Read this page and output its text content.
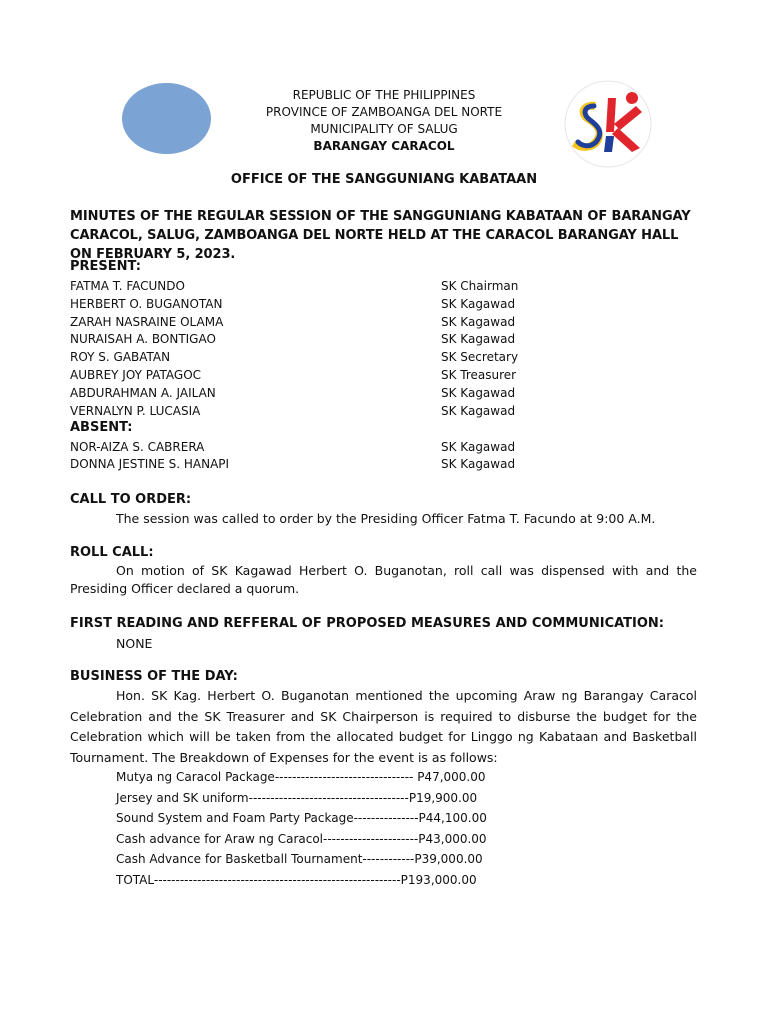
REPUBLIC OF THE PHILIPPINES
PROVINCE OF ZAMBOANGA DEL NORTE
MUNICIPALITY OF SALUG
BARANGAY CARACOL
OFFICE OF THE SANGGUNIANG KABATAAN
MINUTES OF THE REGULAR SESSION OF THE SANGGUNIANG KABATAAN OF BARANGAY CARACOL, SALUG, ZAMBOANGA DEL NORTE HELD AT THE CARACOL BARANGAY HALL ON FEBRUARY 5, 2023.
PRESENT:
FATMA T. FACUNDO	SK Chairman
HERBERT O. BUGANOTAN	SK Kagawad
ZARAH NASRAINE OLAMA	SK Kagawad
NURAISAH A. BONTIGAO	SK Kagawad
ROY S. GABATAN	SK Secretary
AUBREY JOY PATAGOC	SK Treasurer
ABDURAHMAN A. JAILAN	SK Kagawad
VERNALYN P. LUCASIA	SK Kagawad
ABSENT:
NOR-AIZA S. CABRERA	SK Kagawad
DONNA JESTINE S. HANAPI	SK Kagawad
CALL TO ORDER:
The session was called to order by the Presiding Officer Fatma T. Facundo at 9:00 A.M.
ROLL CALL:
On motion of SK Kagawad Herbert O. Buganotan, roll call was dispensed with and the Presiding Officer declared a quorum.
FIRST READING AND REFFERAL OF PROPOSED MEASURES AND COMMUNICATION:
NONE
BUSINESS OF THE DAY:
Hon. SK Kag. Herbert O. Buganotan mentioned the upcoming Araw ng Barangay Caracol Celebration and the SK Treasurer and SK Chairperson is required to disburse the budget for the Celebration which will be taken from the allocated budget for Linggo ng Kabataan and Basketball Tournament. The Breakdown of Expenses for the event is as follows:
Mutya ng Caracol Package-------------------------------- P47,000.00
Jersey and SK uniform-------------------------------------P19,900.00
Sound System and Foam Party Package---------------P44,100.00
Cash advance for Araw ng Caracol----------------------P43,000.00
Cash Advance for Basketball Tournament------------P39,000.00
TOTAL---------------------------------------------------------P193,000.00
